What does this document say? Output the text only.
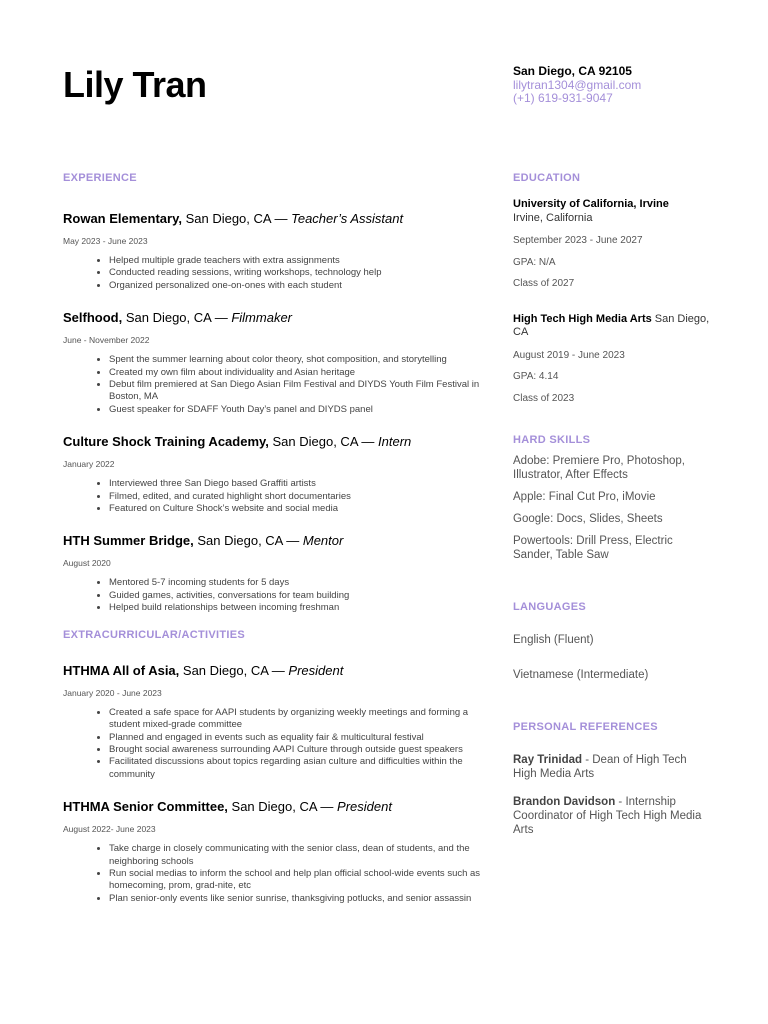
Lily Tran	San Diego, CA 92105
lilytran1304@gmail.com
(+1) 619-931-9047
EXPERIENCE

Rowan Elementary, San Diego, CA — Teacher’s Assistant

May 2023 - June 2023
• Helped multiple grade teachers with extra assignments
• Conducted reading sessions, writing workshops, technology help
• Organized personalized one-on-ones with each student

Selfhood, San Diego, CA — Filmmaker

June - November 2022
• Spent the summer learning about color theory, shot composition, and storytelling
• Created my own film about individuality and Asian heritage
• Debut film premiered at San Diego Asian Film Festival and DIYDS Youth Film Festival in Boston, MA
• Guest speaker for SDAFF Youth Day’s panel and DIYDS panel

Culture Shock Training Academy, San Diego, CA — Intern

January 2022
• Interviewed three San Diego based Graffiti artists
• Filmed, edited, and curated highlight short documentaries
• Featured on Culture Shock’s website and social media

HTH Summer Bridge, San Diego, CA — Mentor

August 2020
• Mentored 5-7 incoming students for 5 days
• Guided games, activities, conversations for team building
• Helped build relationships between incoming freshman
EXTRACURRICULAR/ACTIVITIES

HTHMA All of Asia, San Diego, CA — President

January 2020 - June 2023
• Created a safe space for AAPI students by organizing weekly meetings and forming a student mixed-grade committee
• Planned and engaged in events such as equality fair & multicultural festival
• Brought social awareness surrounding AAPI Culture through outside guest speakers
• Facilitated discussions about topics regarding asian culture and difficulties within the community

HTHMA Senior Committee, San Diego, CA — President

August 2022- June 2023
• Take charge in closely communicating with the senior class, dean of students, and the neighboring schools
• Run social medias to inform the school and help plan official school-wide events such as homecoming, prom, grad-nite, etc
• Plan senior-only events like senior sunrise, thanksgiving potlucks, and senior assassin
EDUCATION
University of California, Irvine
Irvine, California
September 2023 - June 2027
GPA: N/A
Class of 2027
High Tech High Media Arts San Diego, CA
August 2019 - June 2023
GPA: 4.14
Class of 2023
HARD SKILLS
Adobe: Premiere Pro, Photoshop, Illustrator, After Effects
Apple: Final Cut Pro, iMovie
Google: Docs, Slides, Sheets
Powertools: Drill Press, Electric Sander, Table Saw
LANGUAGES
English (Fluent)
Vietnamese (Intermediate)
PERSONAL REFERENCES
Ray Trinidad - Dean of High Tech High Media Arts
Brandon Davidson - Internship Coordinator of High Tech High Media Arts
